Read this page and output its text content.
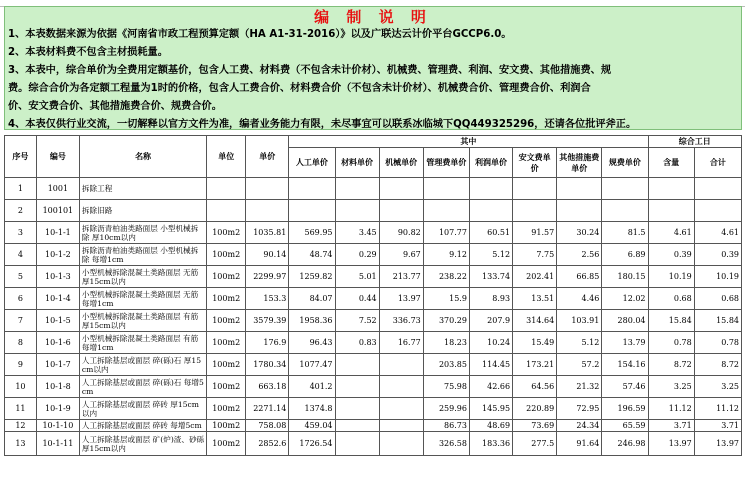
编 制 说 明
1、本表数据来源为依据《河南省市政工程预算定额（HA A1-31-2016）》以及广联达云计价平台GCCP6.0。
2、本表材料费不包含主材损耗量。
3、本表中，综合单价为全费用定额基价，包含人工费、材料费（不包含未计价材）、机械费、管理费、利润、安文费、其他措施费、规
费。综合合价为各定额工程量为1时的价格，包含人工费合价、材料费合价（不包含未计价材）、机械费合价、管理费合价、利润合
价、安文费合价、其他措施费合价、规费合价。
4、本表仅供行业交流，一切解释以官方文件为准，编者业务能力有限，未尽事宜可以联系冰临城下QQ449325296，还请各位批评斧正。
序号	编号	名称	单位	单价	其中								综合工日	
					人工单价	材料单价	机械单价	管理费单价	利润单价	安文费单价	其他措施费单价	规费单价	含量	合计
1	1001	拆除工程												
2	100101	拆除旧路												
3	10-1-1	拆除沥青柏油类路面层 小型机械拆除 厚10cm以内	100m2	1035.81	569.95	3.45	90.82	107.77	60.51	91.57	30.24	81.5	4.61	4.61
4	10-1-2	拆除沥青柏油类路面层 小型机械拆除 每增1cm	100m2	90.14	48.74	0.29	9.67	9.12	5.12	7.75	2.56	6.89	0.39	0.39
5	10-1-3	小型机械拆除混凝土类路面层 无筋 厚15cm以内	100m2	2299.97	1259.82	5.01	213.77	238.22	133.74	202.41	66.85	180.15	10.19	10.19
6	10-1-4	小型机械拆除混凝土类路面层 无筋 每增1cm	100m2	153.3	84.07	0.44	13.97	15.9	8.93	13.51	4.46	12.02	0.68	0.68
7	10-1-5	小型机械拆除混凝土类路面层 有筋 厚15cm以内	100m2	3579.39	1958.36	7.52	336.73	370.29	207.9	314.64	103.91	280.04	15.84	15.84
8	10-1-6	小型机械拆除混凝土类路面层 有筋 每增1cm	100m2	176.9	96.43	0.83	16.77	18.23	10.24	15.49	5.12	13.79	0.78	0.78
9	10-1-7	人工拆除基层或面层 碎(砾)石 厚15cm以内	100m2	1780.34	1077.47			203.85	114.45	173.21	57.2	154.16	8.72	8.72
10	10-1-8	人工拆除基层或面层 碎(砾)石 每增5cm	100m2	663.18	401.2			75.98	42.66	64.56	21.32	57.46	3.25	3.25
11	10-1-9	人工拆除基层或面层 碎砖 厚15cm以内	100m2	2271.14	1374.8			259.96	145.95	220.89	72.95	196.59	11.12	11.12
12	10-1-10	人工拆除基层或面层 碎砖 每增5cm	100m2	758.08	459.04			86.73	48.69	73.69	24.34	65.59	3.71	3.71
13	10-1-11	人工拆除基层或面层 矿(炉)渣、砂砾厚15cm以内	100m2	2852.6	1726.54			326.58	183.36	277.5	91.64	246.98	13.97	13.97
